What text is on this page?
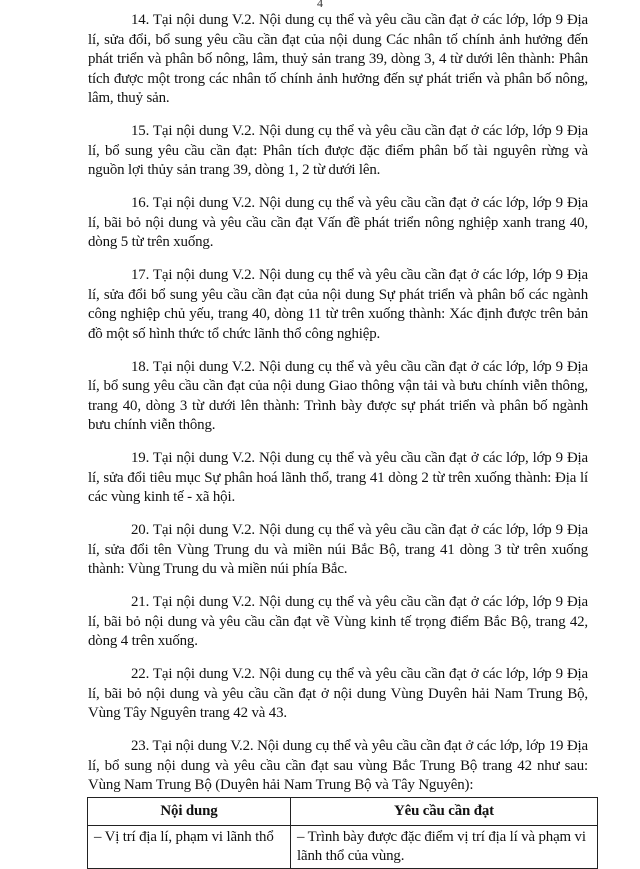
4

14. Tại nội dung V.2. Nội dung cụ thể và yêu cầu cần đạt ở các lớp, lớp 9 Địa lí, sửa đổi, bổ sung yêu cầu cần đạt của nội dung Các nhân tố chính ảnh hưởng đến phát triển và phân bố nông, lâm, thuỷ sản trang 39, dòng 3, 4 từ dưới lên thành: Phân tích được một trong các nhân tố chính ảnh hưởng đến sự phát triển và phân bố nông, lâm, thuỷ sản.

15. Tại nội dung V.2. Nội dung cụ thể và yêu cầu cần đạt ở các lớp, lớp 9 Địa lí, bổ sung yêu cầu cần đạt: Phân tích được đặc điểm phân bố tài nguyên rừng và nguồn lợi thủy sản trang 39, dòng 1, 2 từ dưới lên.

16. Tại nội dung V.2. Nội dung cụ thể và yêu cầu cần đạt ở các lớp, lớp 9 Địa lí, bãi bỏ nội dung và yêu cầu cần đạt Vấn đề phát triển nông nghiệp xanh trang 40, dòng 5 từ trên xuống.

17. Tại nội dung V.2. Nội dung cụ thể và yêu cầu cần đạt ở các lớp, lớp 9 Địa lí, sửa đổi bổ sung yêu cầu cần đạt của nội dung Sự phát triển và phân bố các ngành công nghiệp chủ yếu, trang 40, dòng 11 từ trên xuống thành: Xác định được trên bản đồ một số hình thức tổ chức lãnh thổ công nghiệp.

18. Tại nội dung V.2. Nội dung cụ thể và yêu cầu cần đạt ở các lớp, lớp 9 Địa lí, bổ sung yêu cầu cần đạt của nội dung Giao thông vận tải và bưu chính viễn thông, trang 40, dòng 3 từ dưới lên thành: Trình bày được sự phát triển và phân bố ngành bưu chính viễn thông.

19. Tại nội dung V.2. Nội dung cụ thể và yêu cầu cần đạt ở các lớp, lớp 9 Địa lí, sửa đổi tiêu mục Sự phân hoá lãnh thổ, trang 41 dòng 2 từ trên xuống thành: Địa lí các vùng kinh tế - xã hội.

20. Tại nội dung V.2. Nội dung cụ thể và yêu cầu cần đạt ở các lớp, lớp 9 Địa lí, sửa đổi tên Vùng Trung du và miền núi Bắc Bộ, trang 41 dòng 3 từ trên xuống thành: Vùng Trung du và miền núi phía Bắc.

21. Tại nội dung V.2. Nội dung cụ thể và yêu cầu cần đạt ở các lớp, lớp 9 Địa lí, bãi bỏ nội dung và yêu cầu cần đạt về Vùng kinh tế trọng điểm Bắc Bộ, trang 42, dòng 4 trên xuống.

22. Tại nội dung V.2. Nội dung cụ thể và yêu cầu cần đạt ở các lớp, lớp 9 Địa lí, bãi bỏ nội dung và yêu cầu cần đạt ở nội dung Vùng Duyên hải Nam Trung Bộ, Vùng Tây Nguyên trang 42 và 43.

23. Tại nội dung V.2. Nội dung cụ thể và yêu cầu cần đạt ở các lớp, lớp 19 Địa lí, bổ sung nội dung và yêu cầu cần đạt sau vùng Bắc Trung Bộ trang 42 như sau: Vùng Nam Trung Bộ (Duyên hải Nam Trung Bộ và Tây Nguyên):

Nội dung	Yêu cầu cần đạt
– Vị trí địa lí, phạm vi lãnh thổ	– Trình bày được đặc điểm vị trí địa lí và phạm vi lãnh thổ của vùng.
